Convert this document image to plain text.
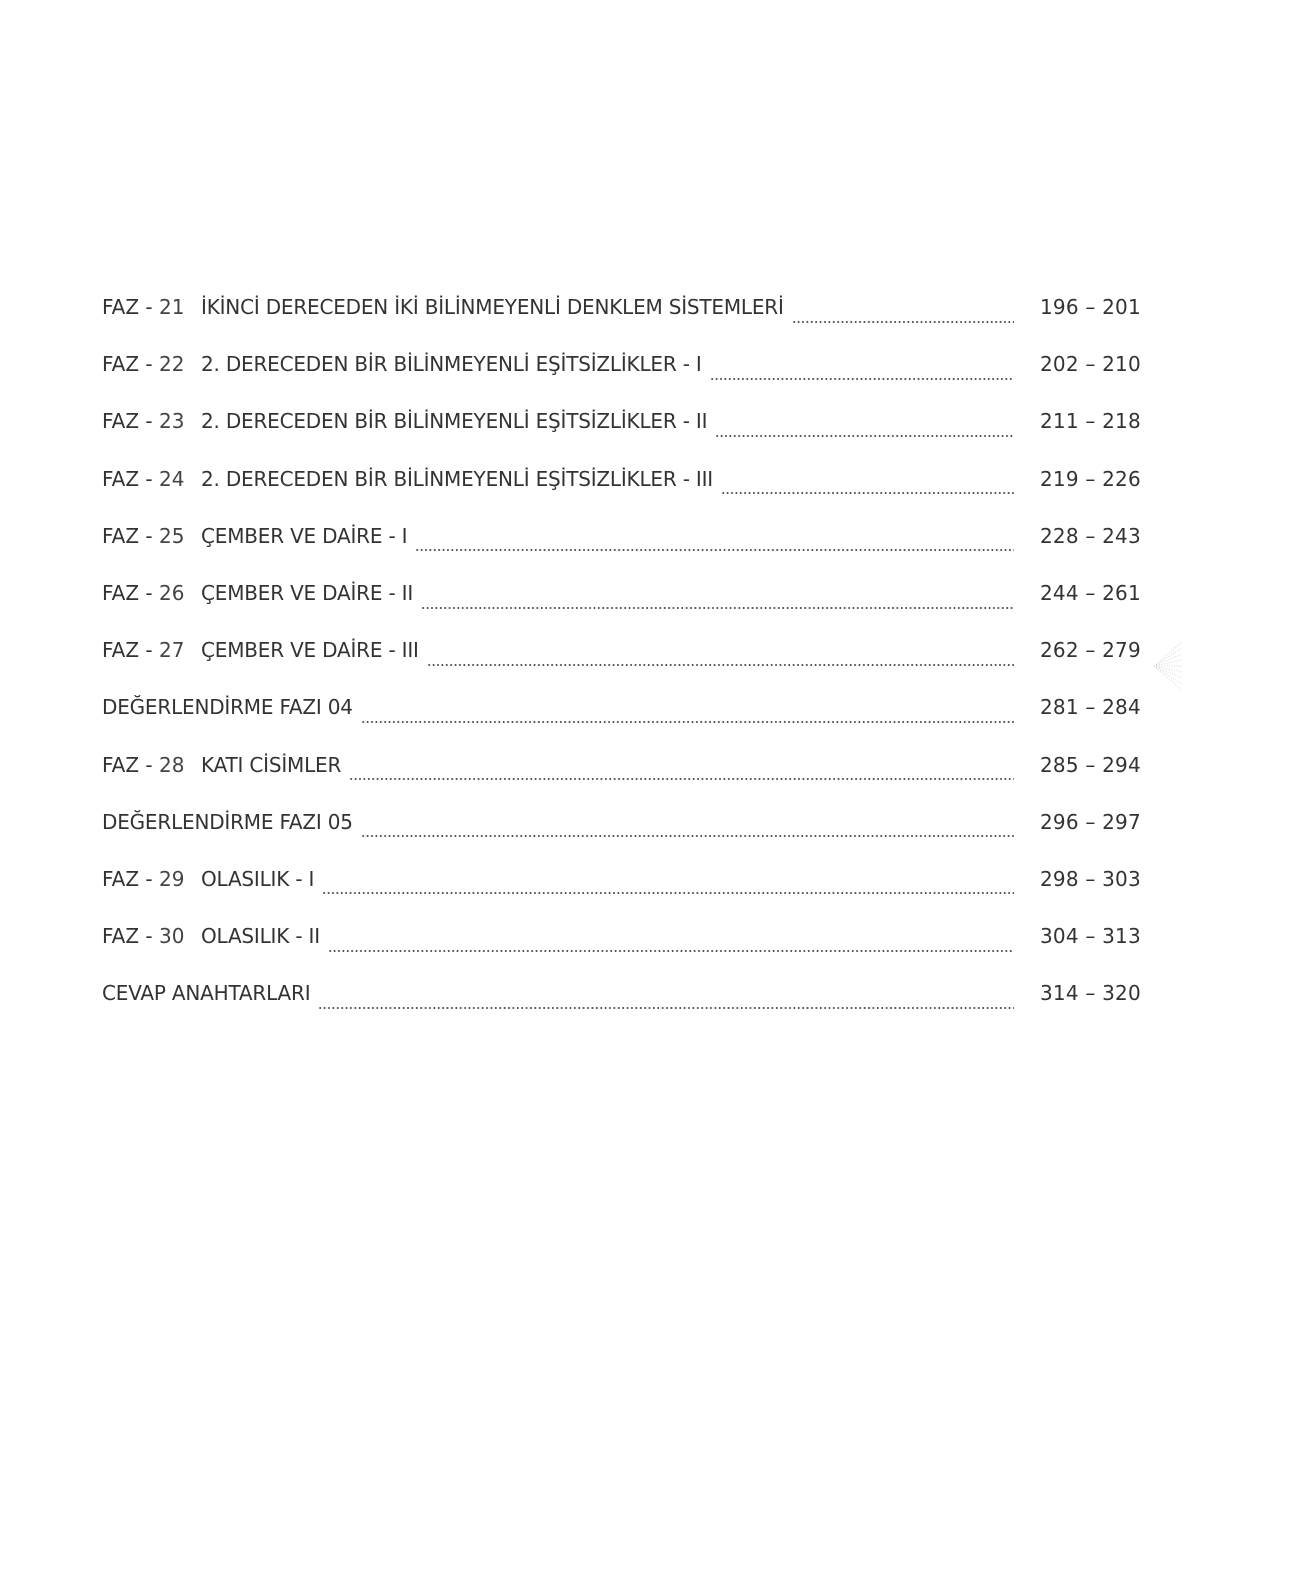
FAZ - 21 İKİNCİ DERECEDEN İKİ BİLİNMEYENLİ DENKLEM SİSTEMLERİ	196 – 201
FAZ - 22 2. DERECEDEN BİR BİLİNMEYENLİ EŞİTSİZLİKLER - I	202 – 210
FAZ - 23 2. DERECEDEN BİR BİLİNMEYENLİ EŞİTSİZLİKLER - II	211 – 218
FAZ - 24 2. DERECEDEN BİR BİLİNMEYENLİ EŞİTSİZLİKLER - III	219 – 226
FAZ - 25 ÇEMBER VE DAİRE - I	228 – 243
FAZ - 26 ÇEMBER VE DAİRE - II	244 – 261
FAZ - 27 ÇEMBER VE DAİRE - III	262 – 279
DEĞERLENDİRME FAZI 04	281 – 284
FAZ - 28 KATI CİSİMLER	285 – 294
DEĞERLENDİRME FAZI 05	296 – 297
FAZ - 29 OLASILIK - I	298 – 303
FAZ - 30 OLASILIK - II	304 – 313
CEVAP ANAHTARLARI	314 – 320
